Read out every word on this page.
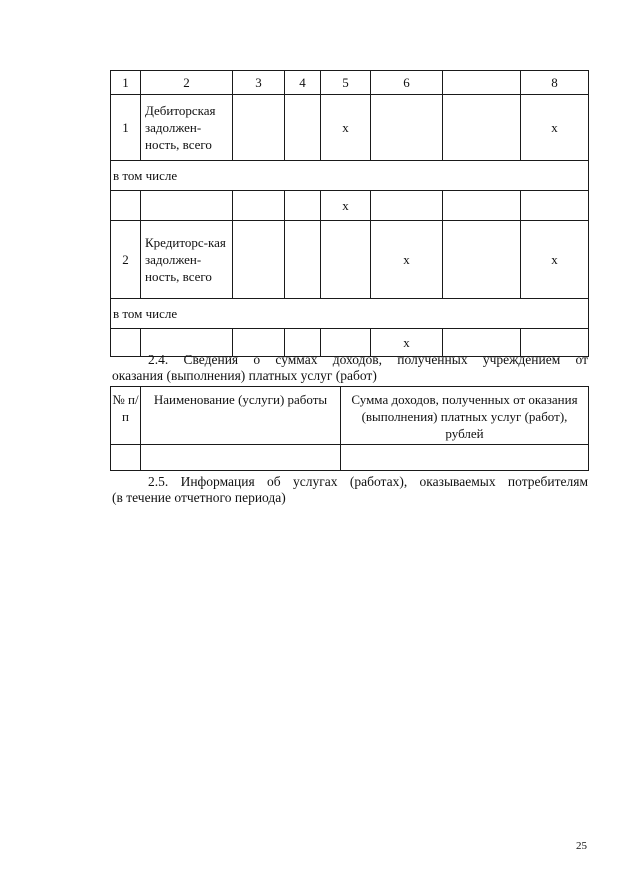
1	2	3	4	5	6		8
1	Дебиторская задолжен-ность, всего			x			x
в том числе							
				x			
2	Кредиторс-кая задолжен-ность, всего				x		x
в том числе							
					x		
2.4. Сведения о суммах доходов, полученных учреждением от
оказания (выполнения) платных услуг (работ)
№ п/п	Наименование (услуги) работы	Сумма доходов, полученных от оказания (выполнения) платных услуг (работ), рублей

2.5. Информация об услугах (работах), оказываемых потребителям
(в течение отчетного периода)
25
